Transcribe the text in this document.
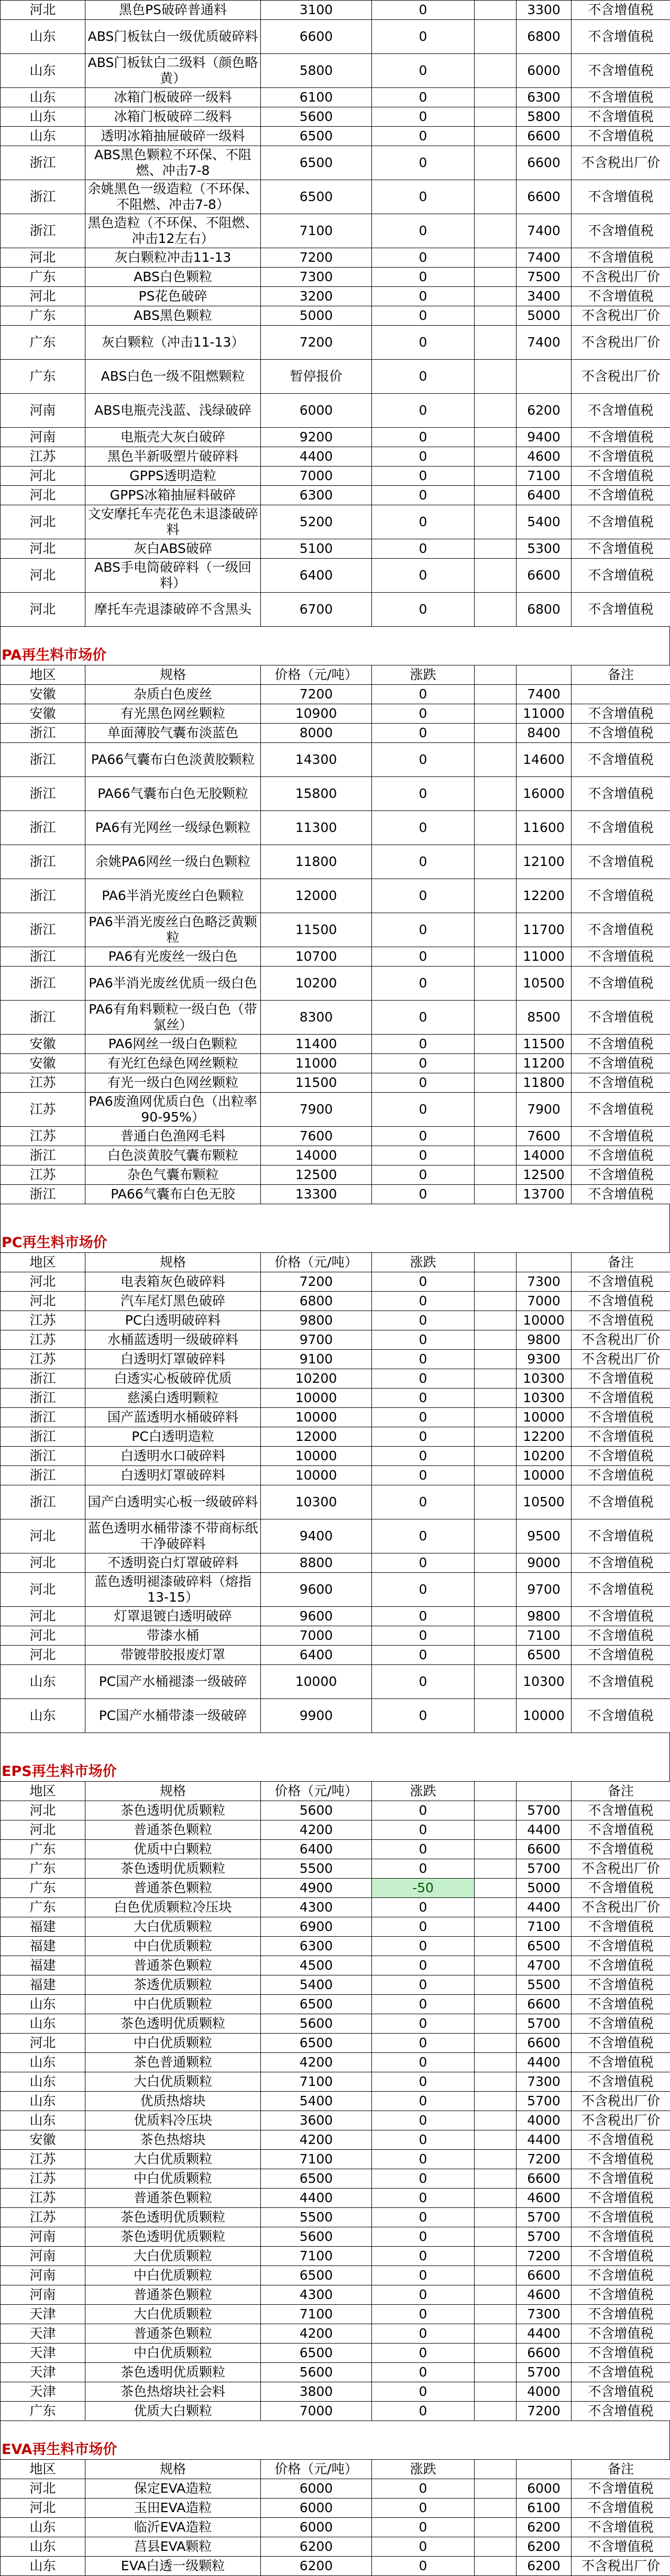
河北	黑色PS破碎普通料	3100	0		3300	不含增值税
山东	ABS门板钛白一级优质破碎料	6600	0		6800	不含增值税
山东	ABS门板钛白二级料（颜色略黄）	5800	0		6000	不含增值税
山东	冰箱门板破碎一级料	6100	0		6300	不含增值税
山东	冰箱门板破碎二级料	5600	0		5800	不含增值税
山东	透明冰箱抽屉破碎一级料	6500	0		6600	不含增值税
浙江	ABS黑色颗粒不环保、不阻燃、冲击7-8	6500	0		6600	不含税出厂价
浙江	余姚黑色一级造粒（不环保、不阻燃、冲击7-8）	6500	0		6600	不含增值税
浙江	黑色造粒（不环保、不阻燃、冲击12左右）	7100	0		7400	不含增值税
河北	灰白颗粒冲击11-13	7200	0		7400	不含增值税
广东	ABS白色颗粒	7300	0		7500	不含税出厂价
河北	PS花色破碎	3200	0		3400	不含增值税
广东	ABS黑色颗粒	5000	0		5000	不含税出厂价
广东	灰白颗粒（冲击11-13）	7200	0		7400	不含税出厂价
广东	ABS白色一级不阻燃颗粒	暂停报价	0			不含税出厂价
河南	ABS电瓶壳浅蓝、浅绿破碎	6000	0		6200	不含增值税
河南	电瓶壳大灰白破碎	9200	0		9400	不含增值税
江苏	黑色半新吸塑片破碎料	4400	0		4600	不含增值税
河北	GPPS透明造粒	7000	0		7100	不含增值税
河北	GPPS冰箱抽屉料破碎	6300	0		6400	不含增值税
河北	文安摩托车壳花色未退漆破碎料	5200	0		5400	不含增值税
河北	灰白ABS破碎	5100	0		5300	不含增值税
河北	ABS手电筒破碎料（一级回料）	6400	0		6600	不含增值税
河北	摩托车壳退漆破碎不含黑头	6700	0		6800	不含增值税
PA再生料市场价
地区	规格	价格（元/吨）	涨跌			备注
安徽	杂质白色废丝	7200	0		7400	
安徽	有光黑色网丝颗粒	10900	0		11000	不含增值税
浙江	单面薄胶气囊布淡蓝色	8000	0		8400	不含增值税
浙江	PA66气囊布白色淡黄胶颗粒	14300	0		14600	不含增值税
浙江	PA66气囊布白色无胶颗粒	15800	0		16000	不含增值税
浙江	PA6有光网丝一级绿色颗粒	11300	0		11600	不含增值税
浙江	余姚PA6网丝一级白色颗粒	11800	0		12100	不含增值税
浙江	PA6半消光废丝白色颗粒	12000	0		12200	不含增值税
浙江	PA6半消光废丝白色略泛黄颗粒	11500	0		11700	不含增值税
浙江	PA6有光废丝一级白色	10700	0		11000	不含增值税
浙江	PA6半消光废丝优质一级白色	10200	0		10500	不含增值税
浙江	PA6有角料颗粒一级白色（带氯丝）	8300	0		8500	不含增值税
安徽	PA6网丝一级白色颗粒	11400	0		11500	不含增值税
安徽	有光红色绿色网丝颗粒	11000	0		11200	不含增值税
江苏	有光一级白色网丝颗粒	11500	0		11800	不含增值税
江苏	PA6废渔网优质白色（出粒率90-95%）	7900	0		7900	不含增值税
江苏	普通白色渔网毛料	7600	0		7600	不含增值税
浙江	白色淡黄胶气囊布颗粒	14000	0		14000	不含增值税
江苏	杂色气囊布颗粒	12500	0		12500	不含增值税
浙江	PA66气囊布白色无胶	13300	0		13700	不含增值税
PC再生料市场价
地区	规格	价格（元/吨）	涨跌			备注
河北	电表箱灰色破碎料	7200	0		7300	不含增值税
河北	汽车尾灯黑色破碎	6800	0		7000	不含增值税
江苏	PC白透明破碎料	9800	0		10000	不含增值税
江苏	水桶蓝透明一级破碎料	9700	0		9800	不含税出厂价
江苏	白透明灯罩破碎料	9100	0		9300	不含税出厂价
浙江	白透实心板破碎优质	10200	0		10300	不含增值税
浙江	慈溪白透明颗粒	10000	0		10300	不含增值税
浙江	国产蓝透明水桶破碎料	10000	0		10000	不含增值税
浙江	PC白透明造粒	12000	0		12200	不含增值税
浙江	白透明水口破碎料	10000	0		10200	不含增值税
浙江	白透明灯罩破碎料	10000	0		10000	不含增值税
浙江	国产白透明实心板一级破碎料	10300	0		10500	不含增值税
河北	蓝色透明水桶带漆不带商标纸干净破碎料	9400	0		9500	不含增值税
河北	不透明瓷白灯罩破碎料	8800	0		9000	不含增值税
河北	蓝色透明褪漆破碎料（熔指13-15）	9600	0		9700	不含增值税
河北	灯罩退镀白透明破碎	9600	0		9800	不含增值税
河北	带漆水桶	7000	0		7100	不含增值税
河北	带镀带胶报废灯罩	6400	0		6500	不含增值税
山东	PC国产水桶褪漆一级破碎	10000	0		10300	不含增值税
山东	PC国产水桶带漆一级破碎	9900	0		10000	不含增值税
EPS再生料市场价
地区	规格	价格（元/吨）	涨跌			备注
河北	茶色透明优质颗粒	5600	0		5700	不含增值税
河北	普通茶色颗粒	4200	0		4400	不含增值税
广东	优质中白颗粒	6400	0		6600	不含增值税
广东	茶色透明优质颗粒	5500	0		5700	不含税出厂价
广东	普通茶色颗粒	4900	-50		5000	不含增值税
广东	白色优质颗粒冷压块	4300	0		4400	不含税出厂价
福建	大白优质颗粒	6900	0		7100	不含增值税
福建	中白优质颗粒	6300	0		6500	不含增值税
福建	普通茶色颗粒	4500	0		4700	不含增值税
福建	茶透优质颗粒	5400	0		5500	不含增值税
山东	中白优质颗粒	6500	0		6600	不含增值税
山东	茶色透明优质颗粒	5600	0		5700	不含增值税
河北	中白优质颗粒	6500	0		6600	不含增值税
山东	茶色普通颗粒	4200	0		4400	不含增值税
山东	大白优质颗粒	7100	0		7300	不含增值税
山东	优质热熔块	5400	0		5700	不含税出厂价
山东	优质料冷压块	3600	0		4000	不含税出厂价
安徽	茶色热熔块	4200	0		4400	不含增值税
江苏	大白优质颗粒	7100	0		7200	不含增值税
江苏	中白优质颗粒	6500	0		6600	不含增值税
江苏	普通茶色颗粒	4400	0		4600	不含增值税
江苏	茶色透明优质颗粒	5500	0		5700	不含增值税
河南	茶色透明优质颗粒	5600	0		5700	不含增值税
河南	大白优质颗粒	7100	0		7200	不含增值税
河南	中白优质颗粒	6500	0		6600	不含增值税
河南	普通茶色颗粒	4300	0		4600	不含增值税
天津	大白优质颗粒	7100	0		7300	不含增值税
天津	普通茶色颗粒	4200	0		4400	不含增值税
天津	中白优质颗粒	6500	0		6600	不含增值税
天津	茶色透明优质颗粒	5600	0		5700	不含增值税
天津	茶色热熔块社会料	3800	0		4000	不含增值税
广东	优质大白颗粒	7000	0		7200	不含增值税
EVA再生料市场价
地区	规格	价格（元/吨）	涨跌			备注
河北	保定EVA造粒	6000	0		6000	不含增值税
河北	玉田EVA造粒	6000	0		6100	不含增值税
山东	临沂EVA造粒	6000	0		6200	不含增值税
山东	莒县EVA颗粒	6200	0		6200	不含增值税
山东	EVA白透一级颗粒	6200	0		6200	不含税出厂价
